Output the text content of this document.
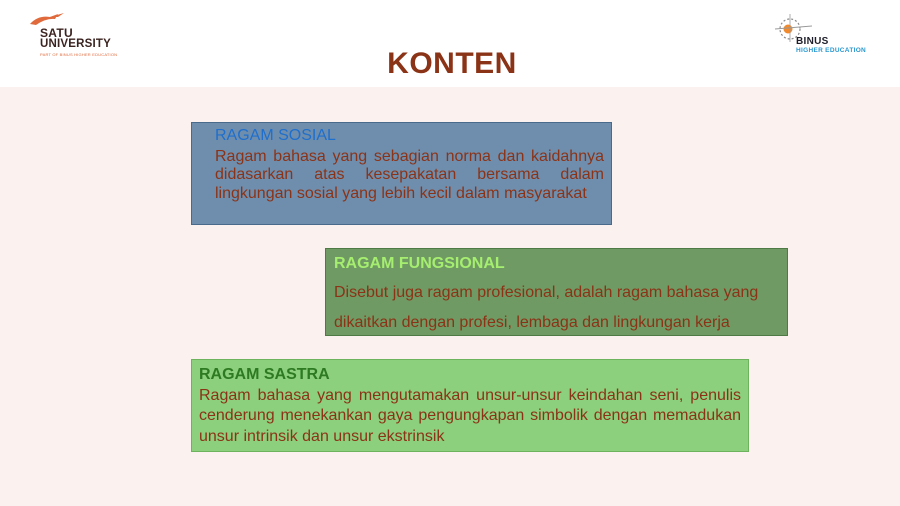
SATU
UNIVERSITY
PART OF BINUS HIGHER EDUCATION
BINUS
HIGHER EDUCATION
KONTEN
RAGAM SOSIAL
Ragam bahasa yang sebagian norma dan kaidahnya didasarkan atas kesepakatan bersama dalam lingkungan sosial yang lebih kecil dalam masyarakat
RAGAM FUNGSIONAL
Disebut juga ragam profesional, adalah ragam bahasa yang
dikaitkan dengan profesi, lembaga dan lingkungan kerja
RAGAM SASTRA
Ragam bahasa yang mengutamakan unsur-unsur keindahan seni, penulis cenderung menekankan gaya pengungkapan simbolik dengan memadukan unsur intrinsik dan unsur ekstrinsik
